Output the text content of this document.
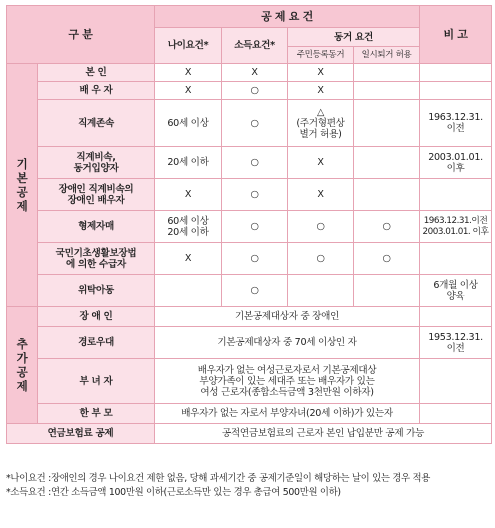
구 분		공 제 요 건				비 고
		나이요건*	소득요건*	동거 요건		
				주민등록동거	일시퇴거 허용	
기
본
공
제	본 인	X	X	X		
	배 우 자	X	○	X		
	직계존속	60세 이상	○	△
(주거형편상
별거 허용)		1963.12.31.
이전
	직계비속,
동거입양자	20세 이하	○	X		2003.01.01.
이후
	장애인 직계비속의
장애인 배우자	X	○	X		
	형제자매	60세 이상
20세 이하	○	○	○	1963.12.31.이전
2003.01.01. 이후
	국민기초생활보장법
에 의한 수급자	X	○	○	○	
	위탁아동		○			6개월 이상
양육
추
가
공
제	장 애 인	기본공제대상자 중 장애인				
	경로우대	기본공제대상자 중 70세 이상인 자				1953.12.31.
이전
	부 녀 자	배우자가 없는 여성근로자로서 기본공제대상
부양가족이 있는 세대주 또는 배우자가 있는
여성 근로자(종합소득금액 3천만원 이하자)				
	한 부 모	배우자가 없는 자로서 부양자녀(20세 이하)가 있는자				
연금보험료 공제		공적연금보험료의 근로자 본인 납입분만 공제 가능				
*나이요건 : 장애인의 경우 나이요건 제한 없음, 당해 과세기간 중 공제기준일이 해당하는 날이 있는 경우 적용
*소득요건 : 연간 소득금액 100만원 이하(근로소득만 있는 경우 총급여 500만원 이하)
